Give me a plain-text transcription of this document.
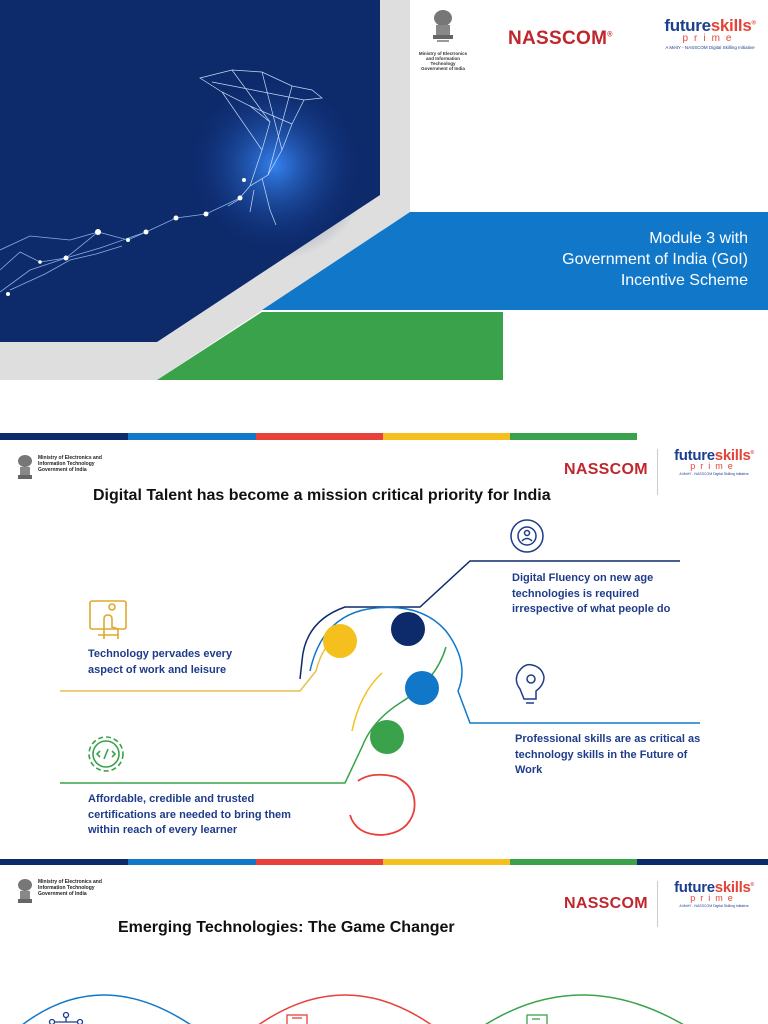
Ministry of Electronics and Information Technology Government of India
NASSCOM®
futureskills®
prime
A MeitY - NASSCOM Digital Skilling Initiative
Module 3 with
Government of India (GoI)
Incentive Scheme
Ministry of Electronics and Information Technology Government of India	NASSCOM
futureskills®
prime
A MeitY - NASSCOM Digital Skilling Initiative
Digital Talent has become a mission critical priority for India
Technology pervades every aspect of work and leisure
Digital Fluency on new age technologies is required irrespective of what people do
Professional skills are as critical as technology skills in the Future of Work
Affordable, credible and trusted certifications are needed to bring them within reach of every learner
Ministry of Electronics and Information Technology Government of India
NASSCOM
futureskills®
prime
A MeitY - NASSCOM Digital Skilling Initiative
Emerging Technologies: The Game Changer
